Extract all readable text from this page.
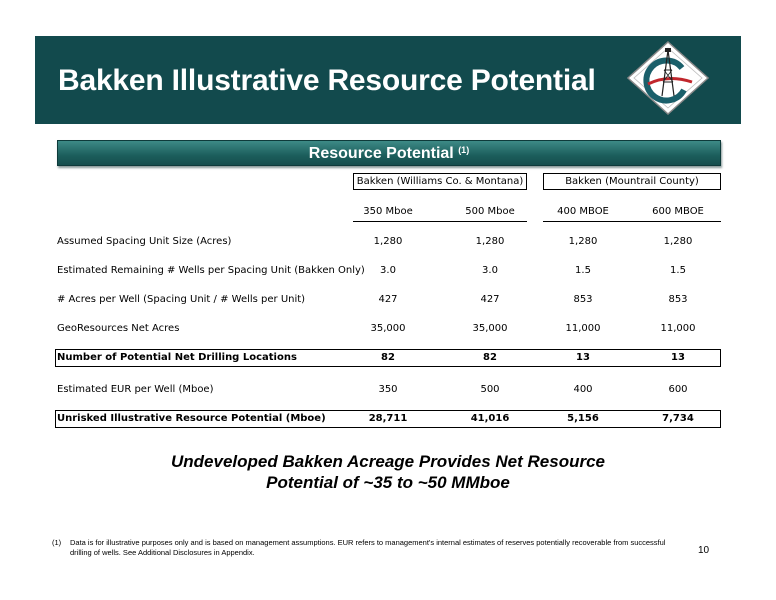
Bakken Illustrative Resource Potential
Resource Potential $^{(1)}$
Bakken (Williams Co. & Montana)	Bakken (Mountrail County)
350 Mboe	500 Mboe	400 MBOE	600 MBOE
Assumed Spacing Unit Size (Acres)	1,280	1,280	1,280	1,280
Estimated Remaining # Wells per Spacing Unit (Bakken Only)	3.0	3.0	1.5	1.5
# Acres per Well (Spacing Unit / # Wells per Unit)	427	427	853	853
GeoResources Net Acres	35,000	35,000	11,000	11,000
Number of Potential Net Drilling Locations	82	82	13	13
Estimated EUR per Well (Mboe)	350	500	400	600
Unrisked Illustrative Resource Potential (Mboe)	28,711	41,016	5,156	7,734
Undeveloped Bakken Acreage Provides Net Resource
Potential of ~35 to ~50 MMboe
(1) Data is for illustrative purposes only and is based on management assumptions. EUR refers to management's internal estimates of reserves potentially recoverable from successful drilling of wells. See Additional Disclosures in Appendix.	10
